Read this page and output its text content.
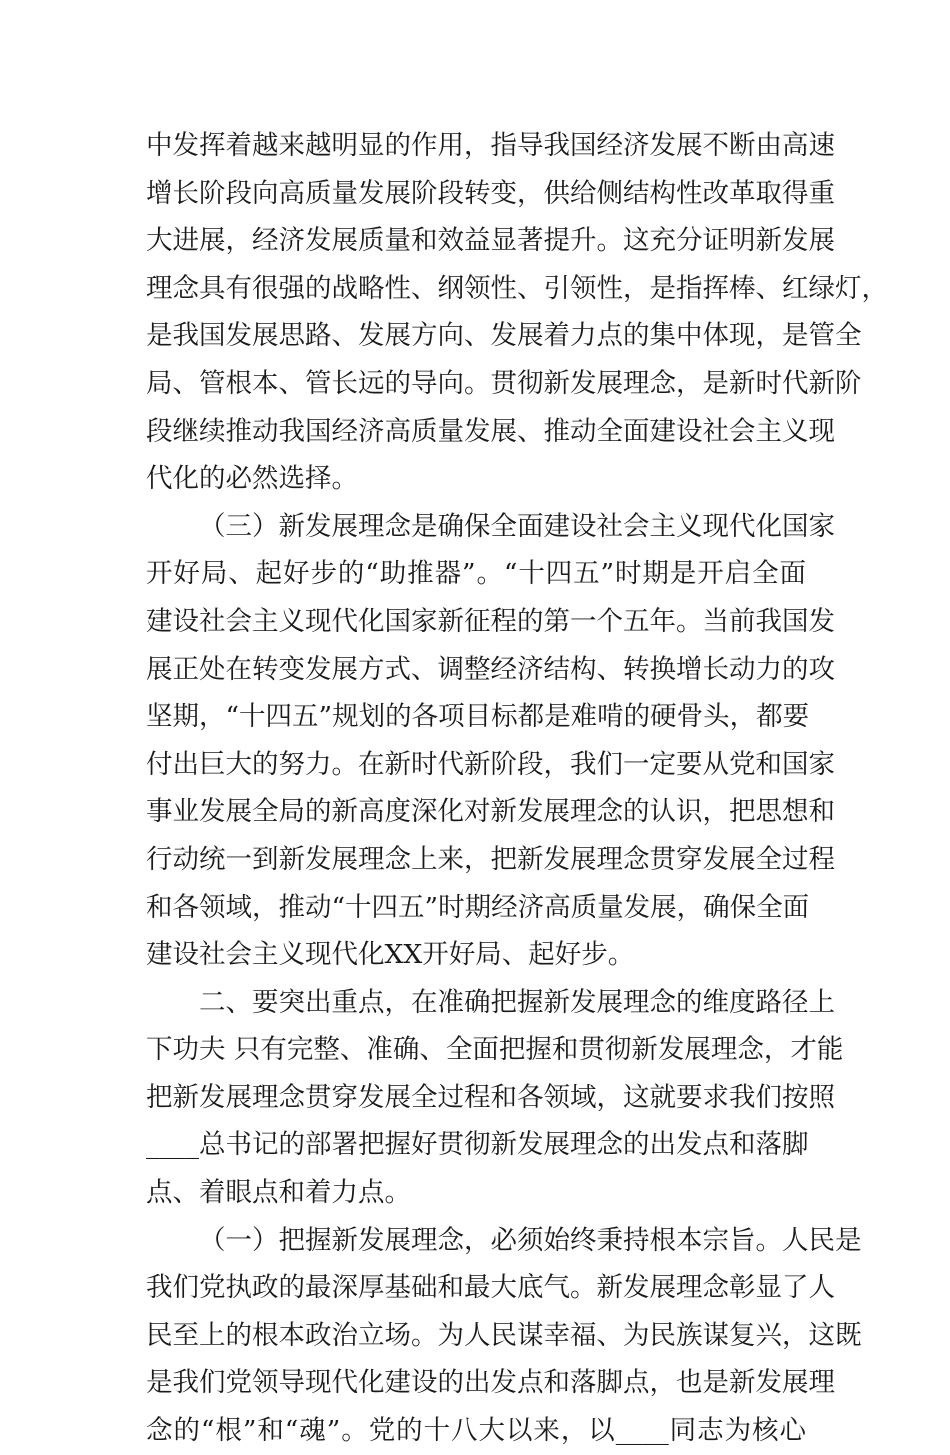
中发挥着越来越明显的作用，指导我国经济发展不断由高速
增长阶段向高质量发展阶段转变，供给侧结构性改革取得重
大进展，经济发展质量和效益显著提升。这充分证明新发展
理念具有很强的战略性、纲领性、引领性，是指挥棒、红绿灯，
是我国发展思路、发展方向、发展着力点的集中体现，是管全
局、管根本、管长远的导向。贯彻新发展理念，是新时代新阶
段继续推动我国经济高质量发展、推动全面建设社会主义现
代化的必然选择。
（三）新发展理念是确保全面建设社会主义现代化国家
开好局、起好步的“助推器”。“十四五”时期是开启全面
建设社会主义现代化国家新征程的第一个五年。当前我国发
展正处在转变发展方式、调整经济结构、转换增长动力的攻
坚期，“十四五”规划的各项目标都是难啃的硬骨头，都要
付出巨大的努力。在新时代新阶段，我们一定要从党和国家
事业发展全局的新高度深化对新发展理念的认识，把思想和
行动统一到新发展理念上来，把新发展理念贯穿发展全过程
和各领域，推动“十四五”时期经济高质量发展，确保全面
建设社会主义现代化XX开好局、起好步。
二、要突出重点，在准确把握新发展理念的维度路径上
下功夫 只有完整、准确、全面把握和贯彻新发展理念，才能
把新发展理念贯穿发展全过程和各领域，这就要求我们按照
____总书记的部署把握好贯彻新发展理念的出发点和落脚
点、着眼点和着力点。
（一）把握新发展理念，必须始终秉持根本宗旨。人民是
我们党执政的最深厚基础和最大底气。新发展理念彰显了人
民至上的根本政治立场。为人民谋幸福、为民族谋复兴，这既
是我们党领导现代化建设的出发点和落脚点，也是新发展理
念的“根”和“魂”。党的十八大以来，以____同志为核心
